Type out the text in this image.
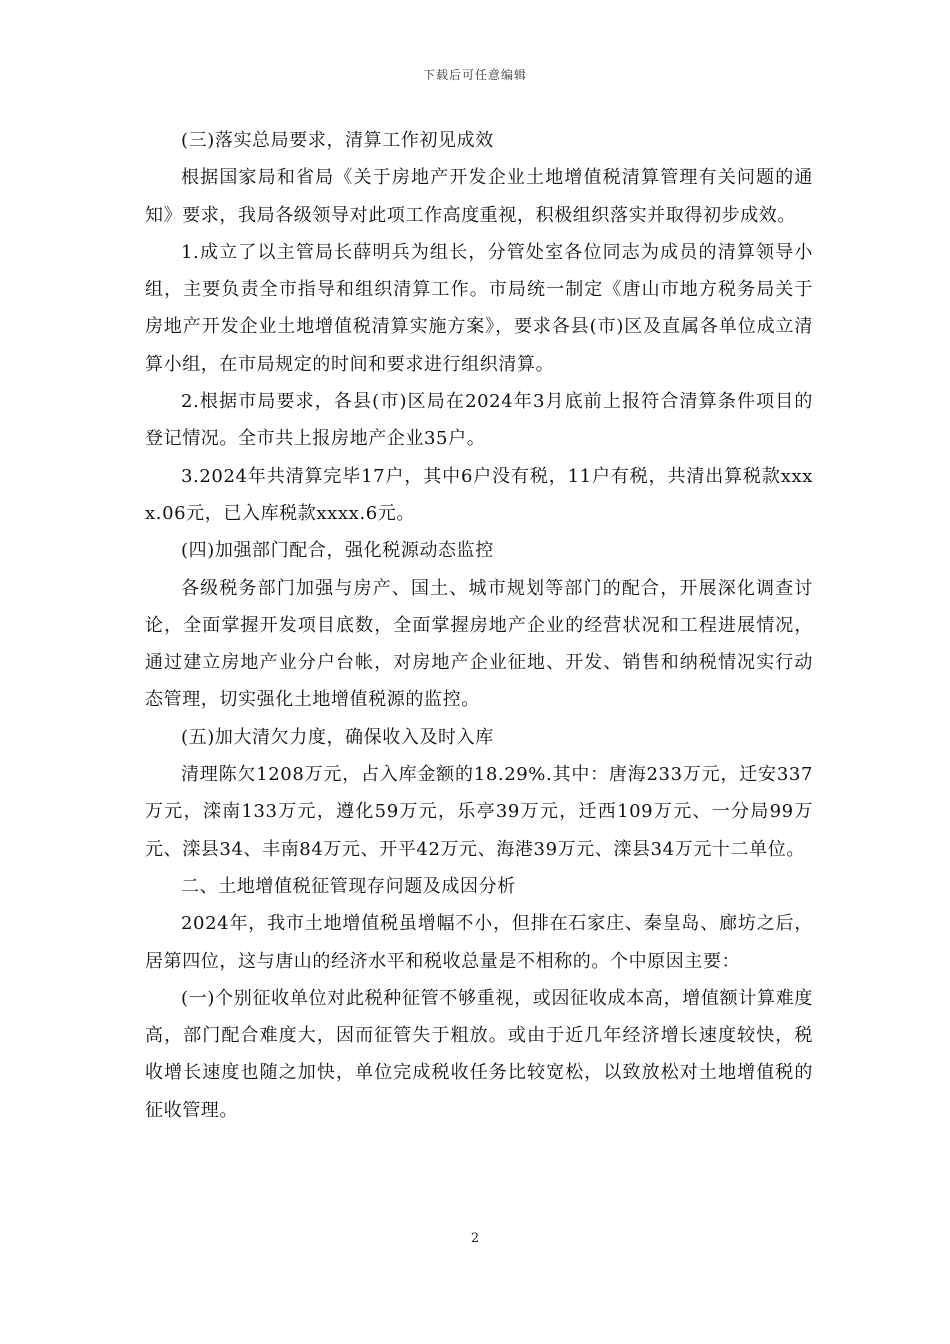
下载后可任意编辑

(三)落实总局要求，清算工作初见成效

根据国家局和省局《关于房地产开发企业土地增值税清算管理有关问题的通知》要求，我局各级领导对此项工作高度重视，积极组织落实并取得初步成效。

1.成立了以主管局长薛明兵为组长，分管处室各位同志为成员的清算领导小组，主要负责全市指导和组织清算工作。市局统一制定《唐山市地方税务局关于房地产开发企业土地增值税清算实施方案》，要求各县(市)区及直属各单位成立清算小组，在市局规定的时间和要求进行组织清算。

2.根据市局要求，各县(市)区局在2024年3月底前上报符合清算条件项目的登记情况。全市共上报房地产企业35户。

3.2024年共清算完毕17户，其中6户没有税，11户有税，共清出算税款xxxx.06元，已入库税款xxxx.6元。

(四)加强部门配合，强化税源动态监控

各级税务部门加强与房产、国土、城市规划等部门的配合，开展深化调查讨论，全面掌握开发项目底数，全面掌握房地产企业的经营状况和工程进展情况，通过建立房地产业分户台帐，对房地产企业征地、开发、销售和纳税情况实行动态管理，切实强化土地增值税源的监控。

(五)加大清欠力度，确保收入及时入库

清理陈欠1208万元，占入库金额的18.29%.其中：唐海233万元，迁安337万元，滦南133万元，遵化59万元，乐亭39万元，迁西109万元、一分局99万元、滦县34、丰南84万元、开平42万元、海港39万元、滦县34万元十二单位。

二、土地增值税征管现存问题及成因分析

2024年，我市土地增值税虽增幅不小，但排在石家庄、秦皇岛、廊坊之后，居第四位，这与唐山的经济水平和税收总量是不相称的。个中原因主要：

(一)个别征收单位对此税种征管不够重视，或因征收成本高，增值额计算难度高，部门配合难度大，因而征管失于粗放。或由于近几年经济增长速度较快，税收增长速度也随之加快，单位完成税收任务比较宽松，以致放松对土地增值税的征收管理。

2
